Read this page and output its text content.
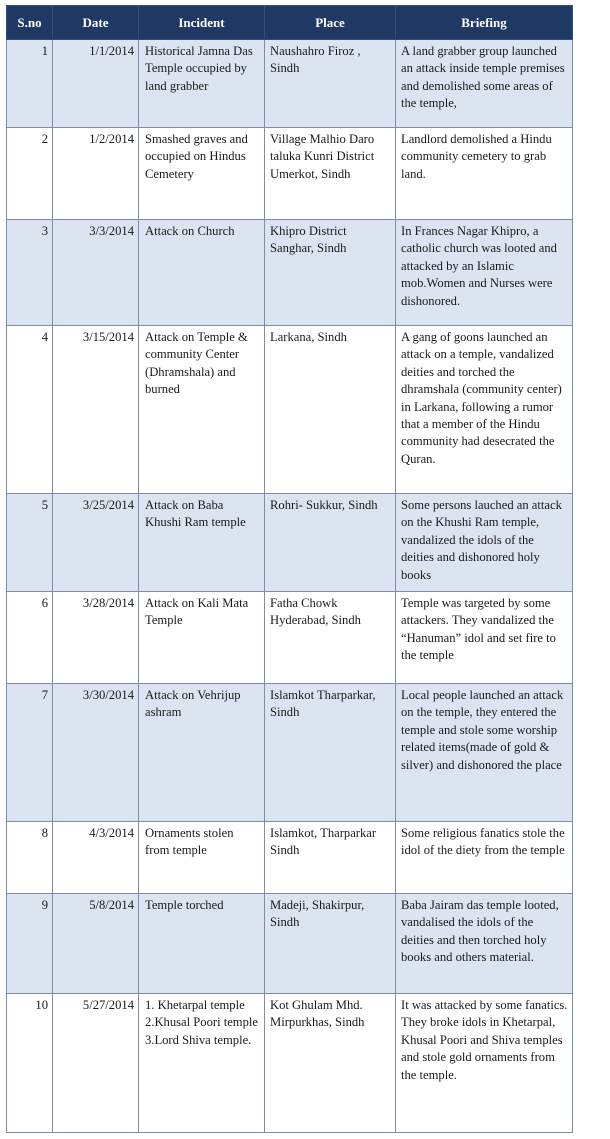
S.no	Date	Incident	Place	Briefing
1	1/1/2014	Historical Jamna Das Temple occupied by land grabber	Naushahro Firoz , Sindh	A land grabber group launched an attack inside temple premises and demolished some areas of the temple,
2	1/2/2014	Smashed graves and occupied on Hindus Cemetery	Village Malhio Daro taluka Kunri District Umerkot, Sindh	Landlord demolished a Hindu community cemetery to grab land.
3	3/3/2014	Attack on Church	Khipro District Sanghar, Sindh	In Frances Nagar Khipro, a catholic church was looted and attacked by an Islamic mob.Women and Nurses were dishonored.
4	3/15/2014	Attack on Temple & community Center (Dhramshala) and burned	Larkana, Sindh	A gang of goons launched an attack on a temple, vandalized deities and torched the dhramshala (community center) in Larkana, following a rumor that a member of the Hindu community had desecrated the Quran.
5	3/25/2014	Attack on Baba Khushi Ram temple	Rohri- Sukkur, Sindh	Some persons lauched an attack on the Khushi Ram temple, vandalized the idols of the deities and dishonored holy books
6	3/28/2014	Attack on Kali Mata Temple	Fatha Chowk Hyderabad, Sindh	Temple was targeted by some attackers. They vandalized the “Hanuman” idol and set fire to the temple
7	3/30/2014	Attack on Vehrijup ashram	Islamkot Tharparkar, Sindh	Local people launched an attack on the temple, they entered the temple and stole some worship related items(made of gold & silver) and dishonored the place
8	4/3/2014	Ornaments stolen from temple	Islamkot, Tharparkar Sindh	Some religious fanatics stole the idol of the diety from the temple
9	5/8/2014	Temple torched	Madeji, Shakirpur, Sindh	Baba Jairam das temple looted, vandalised the idols of the deities and then torched holy books and others material.
10	5/27/2014	1. Khetarpal temple 2.Khusal Poori temple 3.Lord Shiva temple.	Kot Ghulam Mhd. Mirpurkhas, Sindh	It was attacked by some fanatics. They broke idols in Khetarpal, Khusal Poori and Shiva temples and stole gold ornaments from the temple.
